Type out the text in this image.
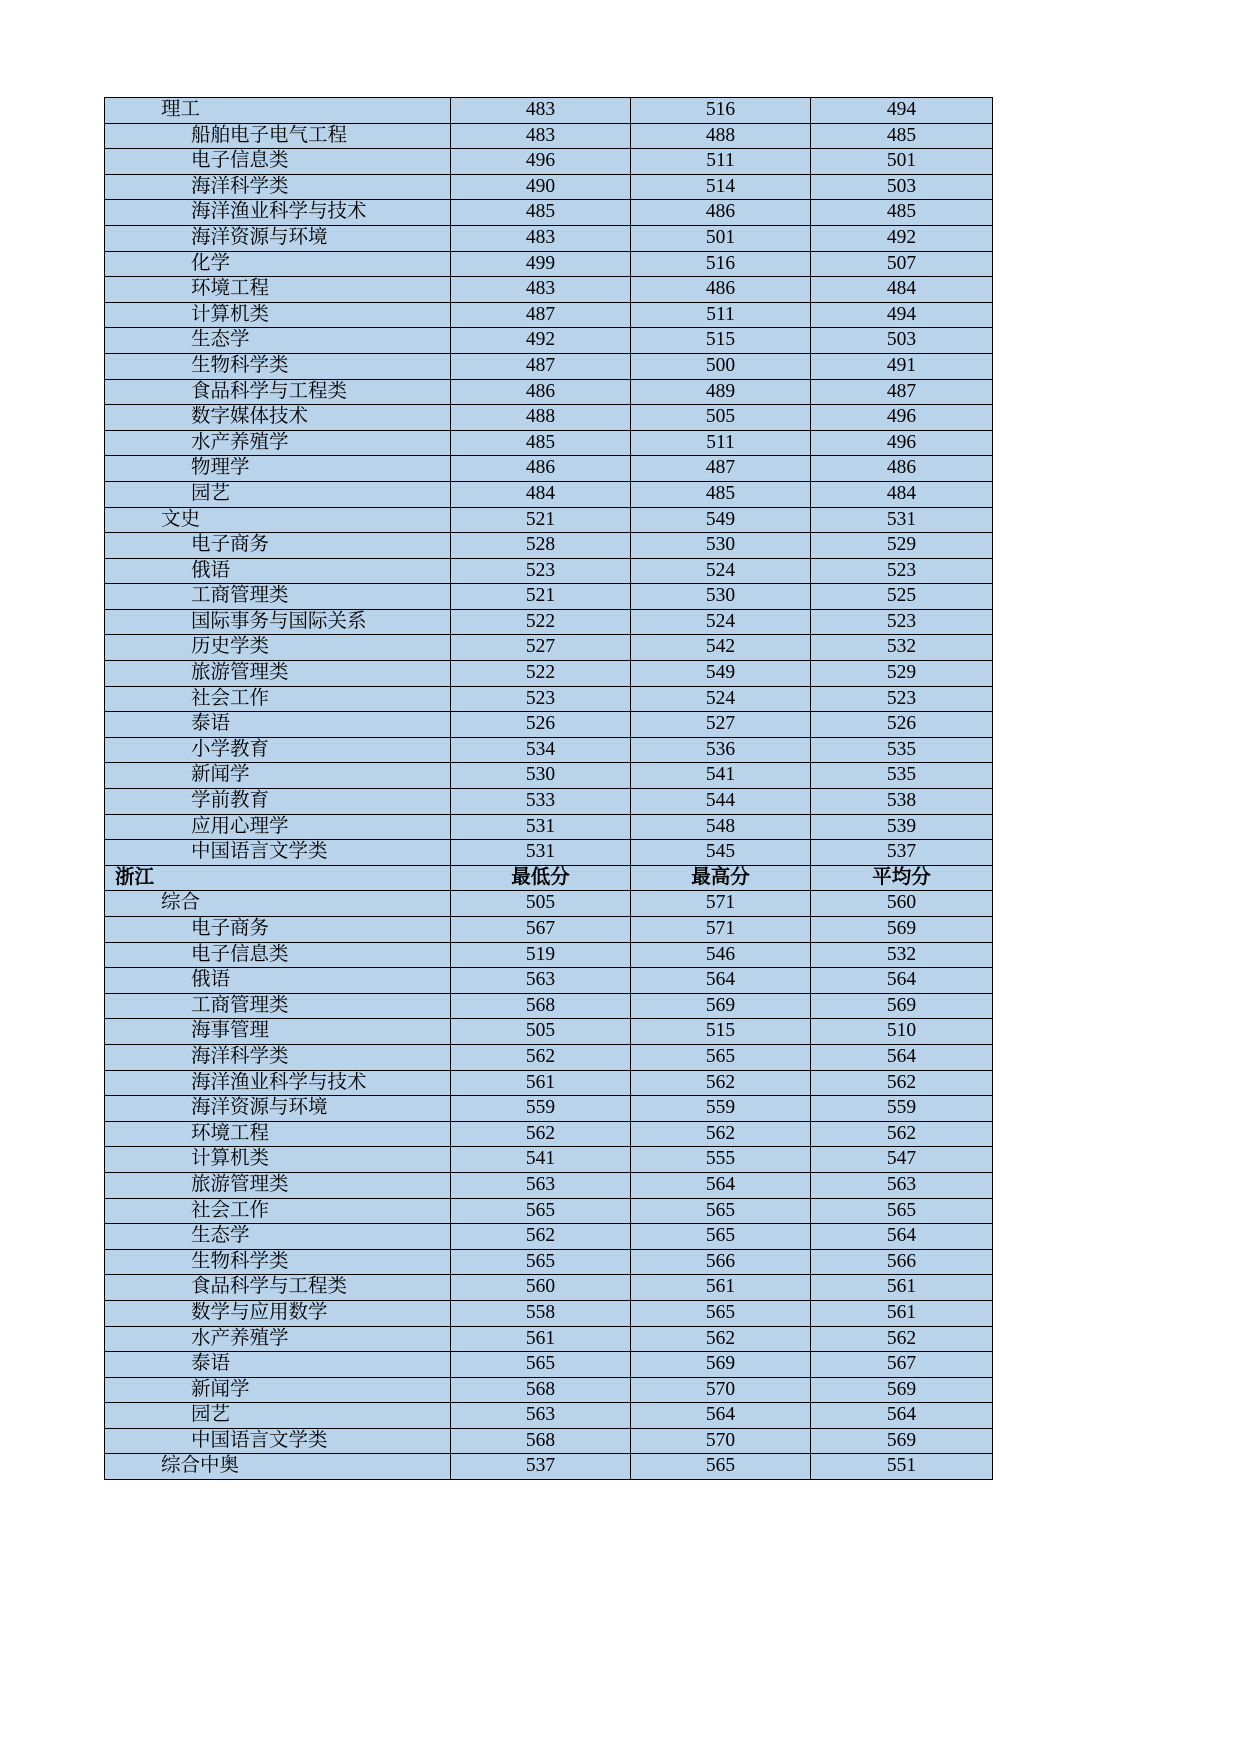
理工	483	516	494
船舶电子电气工程	483	488	485
电子信息类	496	511	501
海洋科学类	490	514	503
海洋渔业科学与技术	485	486	485
海洋资源与环境	483	501	492
化学	499	516	507
环境工程	483	486	484
计算机类	487	511	494
生态学	492	515	503
生物科学类	487	500	491
食品科学与工程类	486	489	487
数字媒体技术	488	505	496
水产养殖学	485	511	496
物理学	486	487	486
园艺	484	485	484
文史	521	549	531
电子商务	528	530	529
俄语	523	524	523
工商管理类	521	530	525
国际事务与国际关系	522	524	523
历史学类	527	542	532
旅游管理类	522	549	529
社会工作	523	524	523
泰语	526	527	526
小学教育	534	536	535
新闻学	530	541	535
学前教育	533	544	538
应用心理学	531	548	539
中国语言文学类	531	545	537
浙江	最低分	最高分	平均分
综合	505	571	560
电子商务	567	571	569
电子信息类	519	546	532
俄语	563	564	564
工商管理类	568	569	569
海事管理	505	515	510
海洋科学类	562	565	564
海洋渔业科学与技术	561	562	562
海洋资源与环境	559	559	559
环境工程	562	562	562
计算机类	541	555	547
旅游管理类	563	564	563
社会工作	565	565	565
生态学	562	565	564
生物科学类	565	566	566
食品科学与工程类	560	561	561
数学与应用数学	558	565	561
水产养殖学	561	562	562
泰语	565	569	567
新闻学	568	570	569
园艺	563	564	564
中国语言文学类	568	570	569
综合中奥	537	565	551
